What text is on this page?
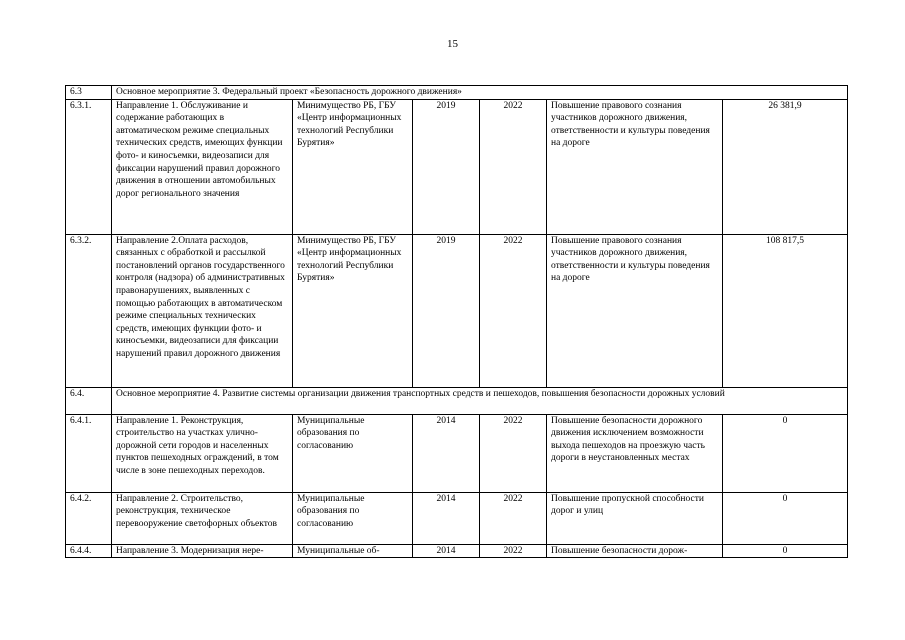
15
6.3	Основное мероприятие 3. Федеральный проект «Безопасность дорожного движения»					
6.3.1.	Направление 1. Обслуживание и содержание работающих в автоматическом режиме специальных технических средств, имеющих функции фото- и киносъемки, видеозаписи для фиксации нарушений правил дорожного движения в отношении автомобильных дорог регионального значения	Минимущество РБ, ГБУ «Центр информационных технологий Республики Бурятия»	2019	2022	Повышение правового сознания участников дорожного движения, ответственности и культуры поведения на дороге	26 381,9
6.3.2.	Направление 2.Оплата расходов, связанных с обработкой и рассылкой постановлений органов государственного контроля (надзора) об административных правонарушениях, выявленных с помощью работающих в автоматическом режиме специальных технических средств, имеющих функции фото- и киносъемки, видеозаписи для фиксации нарушений правил дорожного движения	Минимущество РБ, ГБУ «Центр информационных технологий Республики Бурятия»	2019	2022	Повышение правового сознания участников дорожного движения, ответственности и культуры поведения на дороге	108 817,5
6.4.	Основное мероприятие 4. Развитие системы организации движения транспортных средств и пешеходов, повышения безопасности дорожных условий					
6.4.1.	Направление 1. Реконструкция, строительство на участках улично-дорожной сети городов и населенных пунктов пешеходных ограждений, в том числе в зоне пешеходных переходов.	Муниципальные образования по согласованию	2014	2022	Повышение безопасности дорожного движения исключением возможности выхода пешеходов на проезжую часть дороги в неустановленных местах	0
6.4.2.	Направление 2. Строительство, реконструкция, техническое перевооружение светофорных объектов	Муниципальные образования по согласованию	2014	2022	Повышение пропускной способности дорог и улиц	0
6.4.4.	Направление 3. Модернизация нере-	Муниципальные об-	2014	2022	Повышение безопасности дорож-	0
